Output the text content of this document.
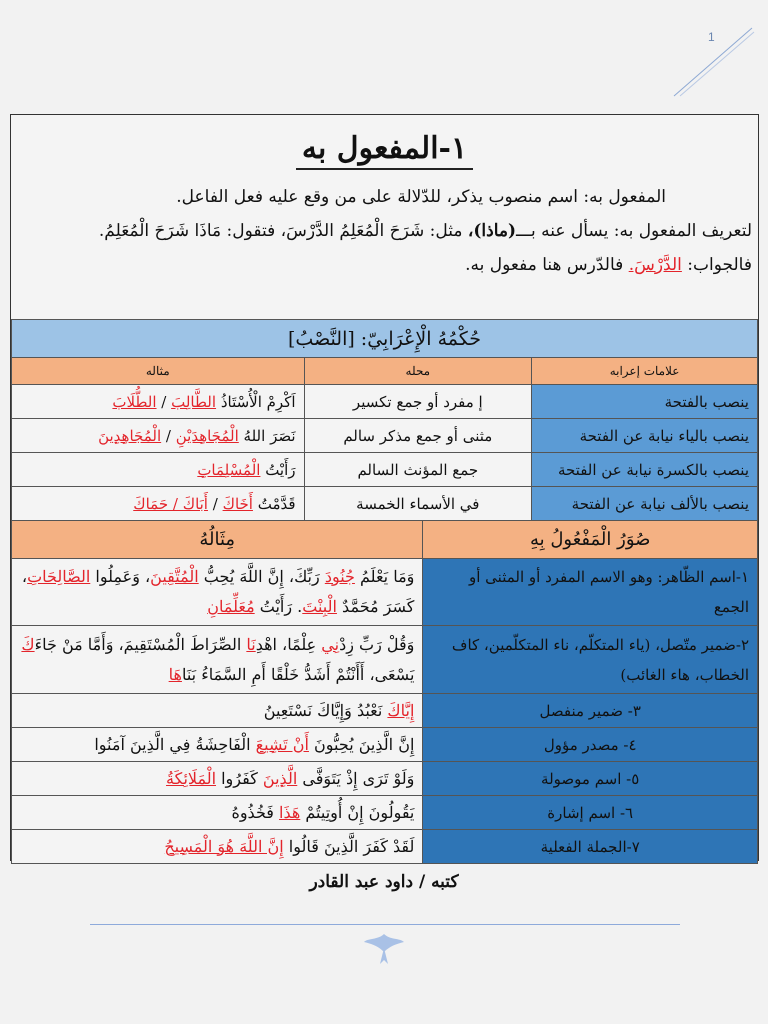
1
١-المفعول به
المفعول به: اسم منصوب يذكر، للدّلالة على من وقع عليه فعل الفاعل.
لتعريف المفعول به: يسأل عنه بـــ(ماذا)، مثل: شَرَحَ الْمُعَلِمُ الدَّرْسَ، فتقول: مَاذَا شَرَحَ الْمُعَلِمُ.
فالجواب: الدَّرْسَ. فالدّرس هنا مفعول به.
حُكْمُهُ الْإِعْرَابِيّ: [النَّصْبُ]		
علامات إعرابه	محله	مثاله
ينصب بالفتحة	إ مفرد أو جمع تكسير	اَكْرِمْ الْأُسْتَاذُ الطَّالِبَ / الطُّلَابَ
ينصب بالياء نيابة عن الفتحة	مثنى أو جمع مذكر سالم	نَصَرَ اللهُ الْمُجَاهِدَيْنِ / الْمُجَاهِدِينَ
ينصب بالكسرة نيابة عن الفتحة	جمع المؤنث السالم	رَأَيْتُ الْمُسْلِمَاتِ
ينصب بالألف نيابة عن الفتحة	في الأسماء الخمسة	قَدَّمْتُ أَخَاكَ / أَبَاكَ / حَمَاكَ
صُوَرُ الْمَفْعُولُ بِهِ	مِثَالُهُ
١-اسم الظّاهر: وهو الاسم المفرد أو المثنى أو الجمع	وَمَا يَعْلَمُ جُنُودَ رَبِّكَ، إِنَّ اللَّهَ يُحِبُّ الْمُتَّقِينَ، وَعَمِلُوا الصَّالِحَاتِ، كَسَرَ مُحَمَّدٌ الْبِنْتَ. رَأَيْتُ مُعَلِّمَانِ
٢-ضمير متّصل، (ياء المتكلّم، ناء المتكلّمين، كاف الخطاب، هاء الغائب)	وَقُلْ رَبِّ زِدْنِي عِلْمًا، اهْدِنَا الصِّرَاطَ الْمُسْتَقِيمَ، وَأَمَّا مَنْ جَاءَكَ يَسْعَى، أَأَنْتُمْ أَشَدُّ خَلْقًا أَمِ السَّمَاءُ بَنَاهَا
٣- ضمير منفصل	إِيَّاكَ نَعْبُدُ وَإِيَّاكَ نَسْتَعِينُ
٤- مصدر مؤول	إِنَّ الَّذِينَ يُحِبُّونَ أَنْ تَشِيعَ الْفَاحِشَةُ فِي الَّذِينَ آمَنُوا
٥- اسم موصولة	وَلَوْ تَرَى إِذْ يَتَوَفَّى الَّذِينَ كَفَرُوا الْمَلَائِكَةُ
٦- اسم إشارة	يَقُولُونَ إِنْ أُوتِيتُمْ هَذَا فَخُذُوهُ
٧-الجملة الفعلية	لَقَدْ كَفَرَ الَّذِينَ قَالُوا إِنَّ اللَّهَ هُوَ الْمَسِيحُ
كتبه / داود عبد القادر
